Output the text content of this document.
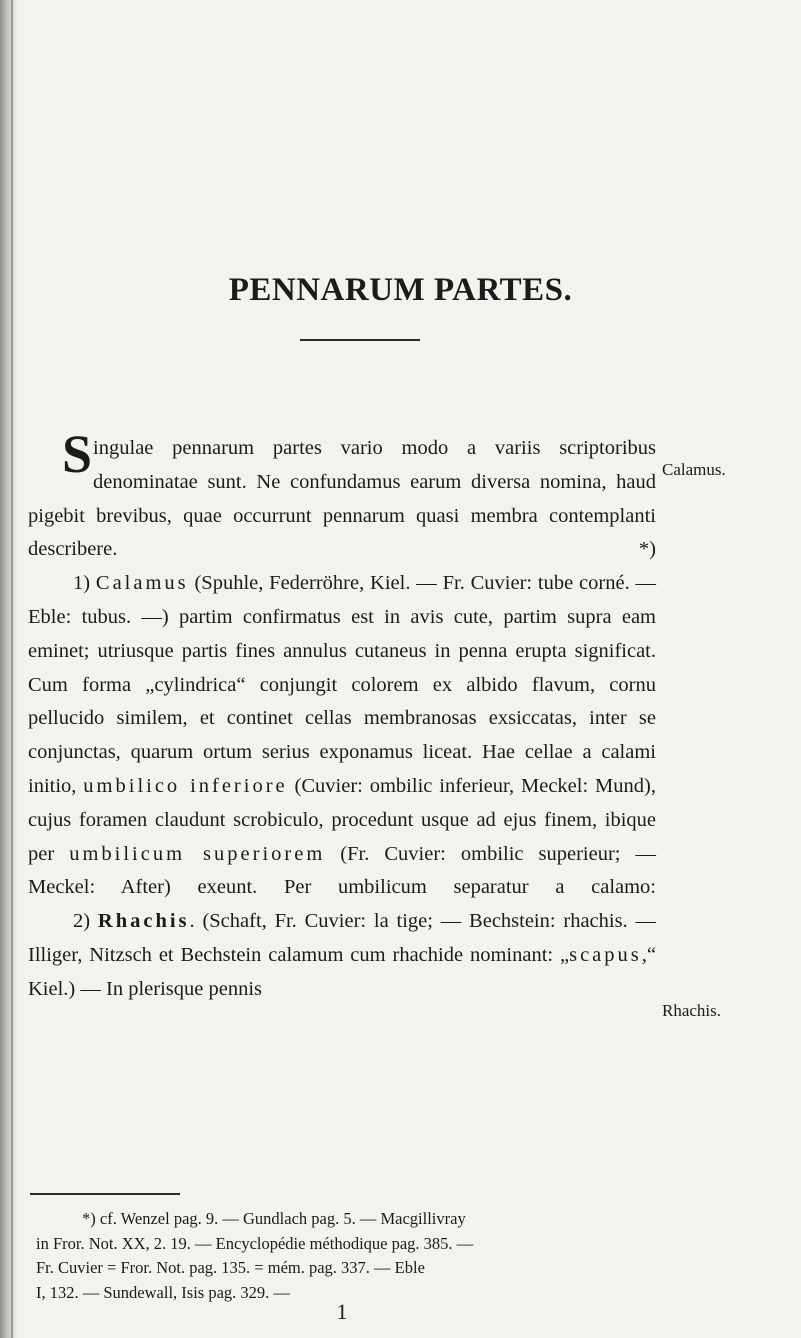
PENNARUM PARTES.

Singulae pennarum partes vario modo a variis scriptoribus denominatae sunt. Ne confundamus earum diversa nomina, haud pigebit brevibus, quae occurrunt pennarum quasi membra contemplanti describere. *)

1) Calamus (Spuhle, Federröhre, Kiel. — Fr. Cuvier: tube corné. — Eble: tubus. —) partim confirmatus est in avis cute, partim supra eam eminet; utriusque partis fines annulus cutaneus in penna erupta significat. Cum forma „cylindrica“ conjungit colorem ex albido flavum, cornu pellucido similem, et continet cellas membranosas exsiccatas, inter se conjunctas, quarum ortum serius exponamus liceat. Hae cellae a calami initio, umbilico inferiore (Cuvier: ombilic inferieur, Meckel: Mund), cujus foramen claudunt scrobiculo, procedunt usque ad ejus finem, ibique per umbilicum superiorem (Fr. Cuvier: ombilic superieur; — Meckel: After) exeunt. Per umbilicum separatur a calamo:

2) Rhachis. (Schaft, Fr. Cuvier: la tige; — Bechstein: rhachis. — Illiger, Nitzsch et Bechstein calamum cum rhachide nominant: „scapus,“ Kiel.) — In plerisque pennis

Calamus.
Rhachis.
*) cf. Wenzel pag. 9. — Gundlach pag. 5. — Macgillivray
in Fror. Not. XX, 2. 19. — Encyclopédie méthodique pag. 385. —
Fr. Cuvier = Fror. Not. pag. 135. = mém. pag. 337. — Eble
I, 132. — Sundewall, Isis pag. 329. —
1
